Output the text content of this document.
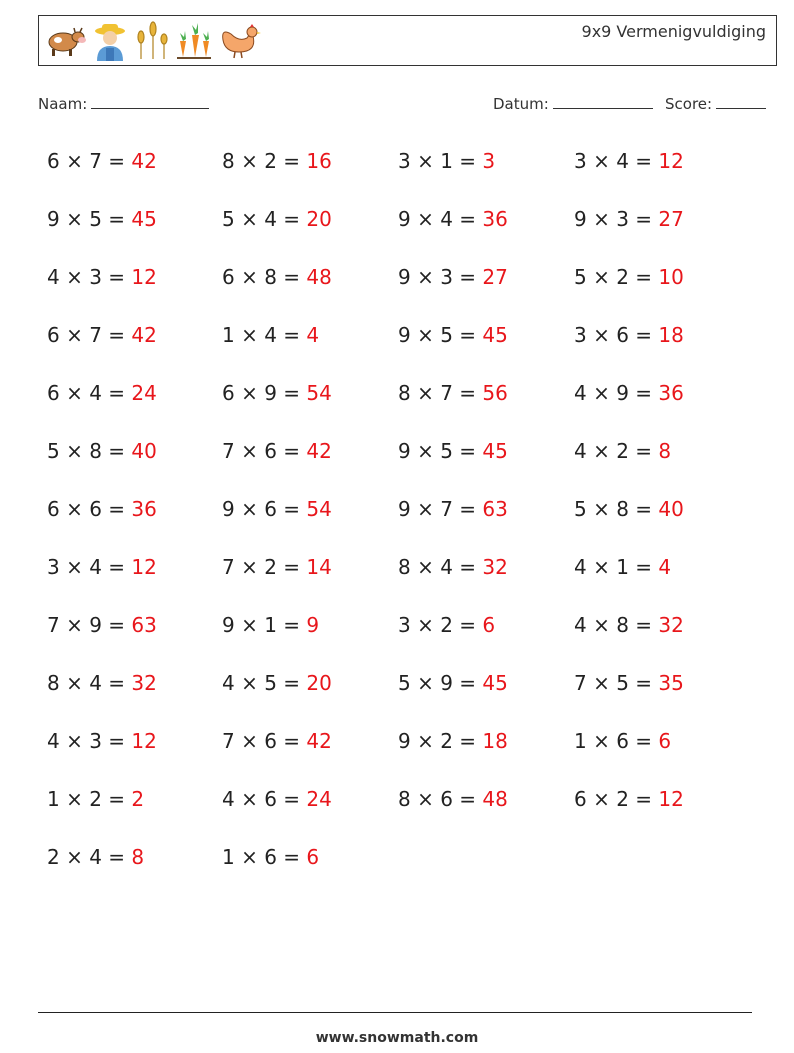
9x9 Vermenigvuldiging
Naam:	Datum:	Score:
6 × 7 = 42	8 × 2 = 16	3 × 1 = 3	3 × 4 = 12
9 × 5 = 45	5 × 4 = 20	9 × 4 = 36	9 × 3 = 27
4 × 3 = 12	6 × 8 = 48	9 × 3 = 27	5 × 2 = 10
6 × 7 = 42	1 × 4 = 4	9 × 5 = 45	3 × 6 = 18
6 × 4 = 24	6 × 9 = 54	8 × 7 = 56	4 × 9 = 36
5 × 8 = 40	7 × 6 = 42	9 × 5 = 45	4 × 2 = 8
6 × 6 = 36	9 × 6 = 54	9 × 7 = 63	5 × 8 = 40
3 × 4 = 12	7 × 2 = 14	8 × 4 = 32	4 × 1 = 4
7 × 9 = 63	9 × 1 = 9	3 × 2 = 6	4 × 8 = 32
8 × 4 = 32	4 × 5 = 20	5 × 9 = 45	7 × 5 = 35
4 × 3 = 12	7 × 6 = 42	9 × 2 = 18	1 × 6 = 6
1 × 2 = 2	4 × 6 = 24	8 × 6 = 48	6 × 2 = 12
2 × 4 = 8	1 × 6 = 6
www.snowmath.com
